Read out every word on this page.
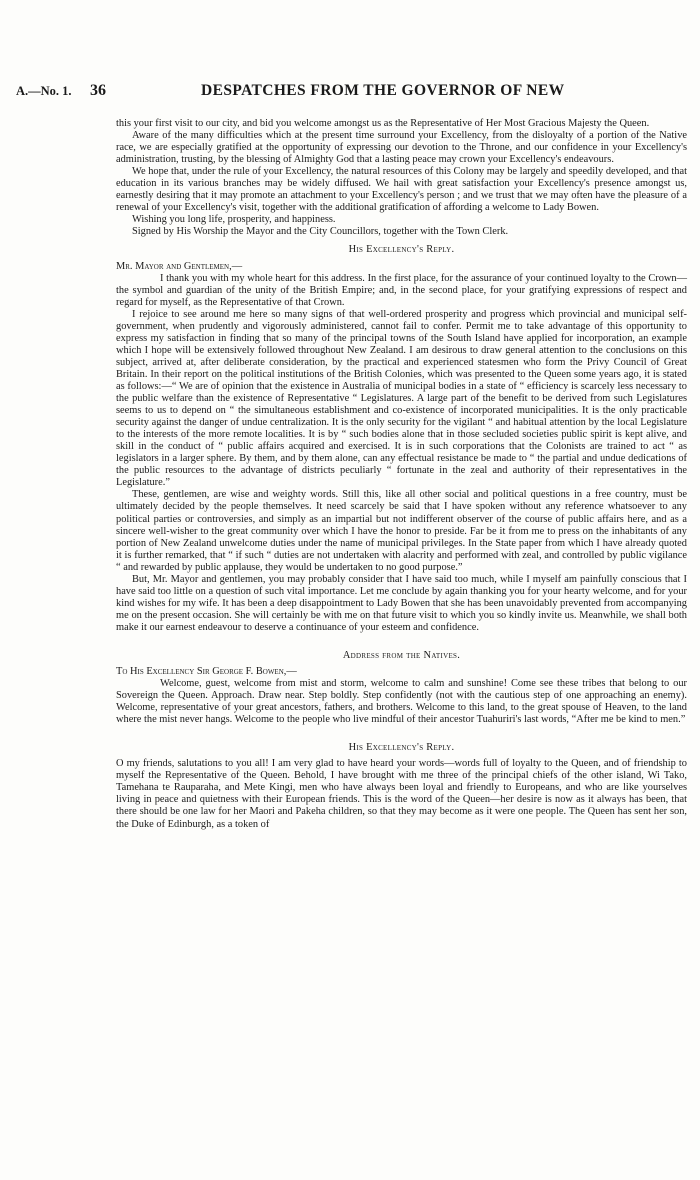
A.—No. 1. 36	DESPATCHES FROM THE GOVERNOR OF NEW

this your first visit to our city, and bid you welcome amongst us as the Representative of Her Most Gracious Majesty the Queen.

Aware of the many difficulties which at the present time surround your Excellency, from the disloyalty of a portion of the Native race, we are especially gratified at the opportunity of expressing our devotion to the Throne, and our confidence in your Excellency's administration, trusting, by the blessing of Almighty God that a lasting peace may crown your Excellency's endeavours.

We hope that, under the rule of your Excellency, the natural resources of this Colony may be largely and speedily developed, and that education in its various branches may be widely diffused. We hail with great satisfaction your Excellency's presence amongst us, earnestly desiring that it may promote an attachment to your Excellency's person ; and we trust that we may often have the pleasure of a renewal of your Excellency's visit, together with the additional gratification of affording a welcome to Lady Bowen.

Wishing you long life, prosperity, and happiness.

Signed by His Worship the Mayor and the City Councillors, together with the Town Clerk.

His Excellency's Reply.

Mr. Mayor and Gentlemen,—

I thank you with my whole heart for this address. In the first place, for the assurance of your continued loyalty to the Crown—the symbol and guardian of the unity of the British Empire; and, in the second place, for your gratifying expressions of respect and regard for myself, as the Representative of that Crown.

I rejoice to see around me here so many signs of that well-ordered prosperity and progress which provincial and municipal self-government, when prudently and vigorously administered, cannot fail to confer. Permit me to take advantage of this opportunity to express my satisfaction in finding that so many of the principal towns of the South Island have applied for incorporation, an example which I hope will be extensively followed throughout New Zealand. I am desirous to draw general attention to the conclusions on this subject, arrived at, after deliberate consideration, by the practical and experienced statesmen who form the Privy Council of Great Britain. In their report on the political institutions of the British Colonies, which was presented to the Queen some years ago, it is stated as follows:—“ We are of opinion that the existence in Australia of municipal bodies in a state of “ efficiency is scarcely less necessary to the public welfare than the existence of Representative “ Legislatures. A large part of the benefit to be derived from such Legislatures seems to us to depend on “ the simultaneous establishment and co-existence of incorporated municipalities. It is the only practicable security against the danger of undue centralization. It is the only security for the vigilant “ and habitual attention by the local Legislature to the interests of the more remote localities. It is by “ such bodies alone that in those secluded societies public spirit is kept alive, and skill in the conduct of “ public affairs acquired and exercised. It is in such corporations that the Colonists are trained to act “ as legislators in a larger sphere. By them, and by them alone, can any effectual resistance be made to “ the partial and undue dedications of the public resources to the advantage of districts peculiarly “ fortunate in the zeal and authority of their representatives in the Legislature.”

These, gentlemen, are wise and weighty words. Still this, like all other social and political questions in a free country, must be ultimately decided by the people themselves. It need scarcely be said that I have spoken without any reference whatsoever to any political parties or controversies, and simply as an impartial but not indifferent observer of the course of public affairs here, and as a sincere well-wisher to the great community over which I have the honor to preside. Far be it from me to press on the inhabitants of any portion of New Zealand unwelcome duties under the name of municipal privileges. In the State paper from which I have already quoted it is further remarked, that “ if such “ duties are not undertaken with alacrity and performed with zeal, and controlled by public vigilance “ and rewarded by public applause, they would be undertaken to no good purpose.”

But, Mr. Mayor and gentlemen, you may probably consider that I have said too much, while I myself am painfully conscious that I have said too little on a question of such vital importance. Let me conclude by again thanking you for your hearty welcome, and for your kind wishes for my wife. It has been a deep disappointment to Lady Bowen that she has been unavoidably prevented from accompanying me on the present occasion. She will certainly be with me on that future visit to which you so kindly invite us. Meanwhile, we shall both make it our earnest endeavour to deserve a continuance of your esteem and confidence.

Address from the Natives.

To His Excellency Sir George F. Bowen,—

Welcome, guest, welcome from mist and storm, welcome to calm and sunshine! Come see these tribes that belong to our Sovereign the Queen. Approach. Draw near. Step boldly. Step confidently (not with the cautious step of one approaching an enemy). Welcome, representative of your great ancestors, fathers, and brothers. Welcome to this land, to the great spouse of Heaven, to the land where the mist never hangs. Welcome to the people who live mindful of their ancestor Tuahuriri's last words, “After me be kind to men.”

His Excellency's Reply.

O my friends, salutations to you all! I am very glad to have heard your words—words full of loyalty to the Queen, and of friendship to myself the Representative of the Queen. Behold, I have brought with me three of the principal chiefs of the other island, Wi Tako, Tamehana te Rauparaha, and Mete Kingi, men who have always been loyal and friendly to Europeans, and who are like yourselves living in peace and quietness with their European friends. This is the word of the Queen—her desire is now as it always has been, that there should be one law for her Maori and Pakeha children, so that they may become as it were one people. The Queen has sent her son, the Duke of Edinburgh, as a token of
